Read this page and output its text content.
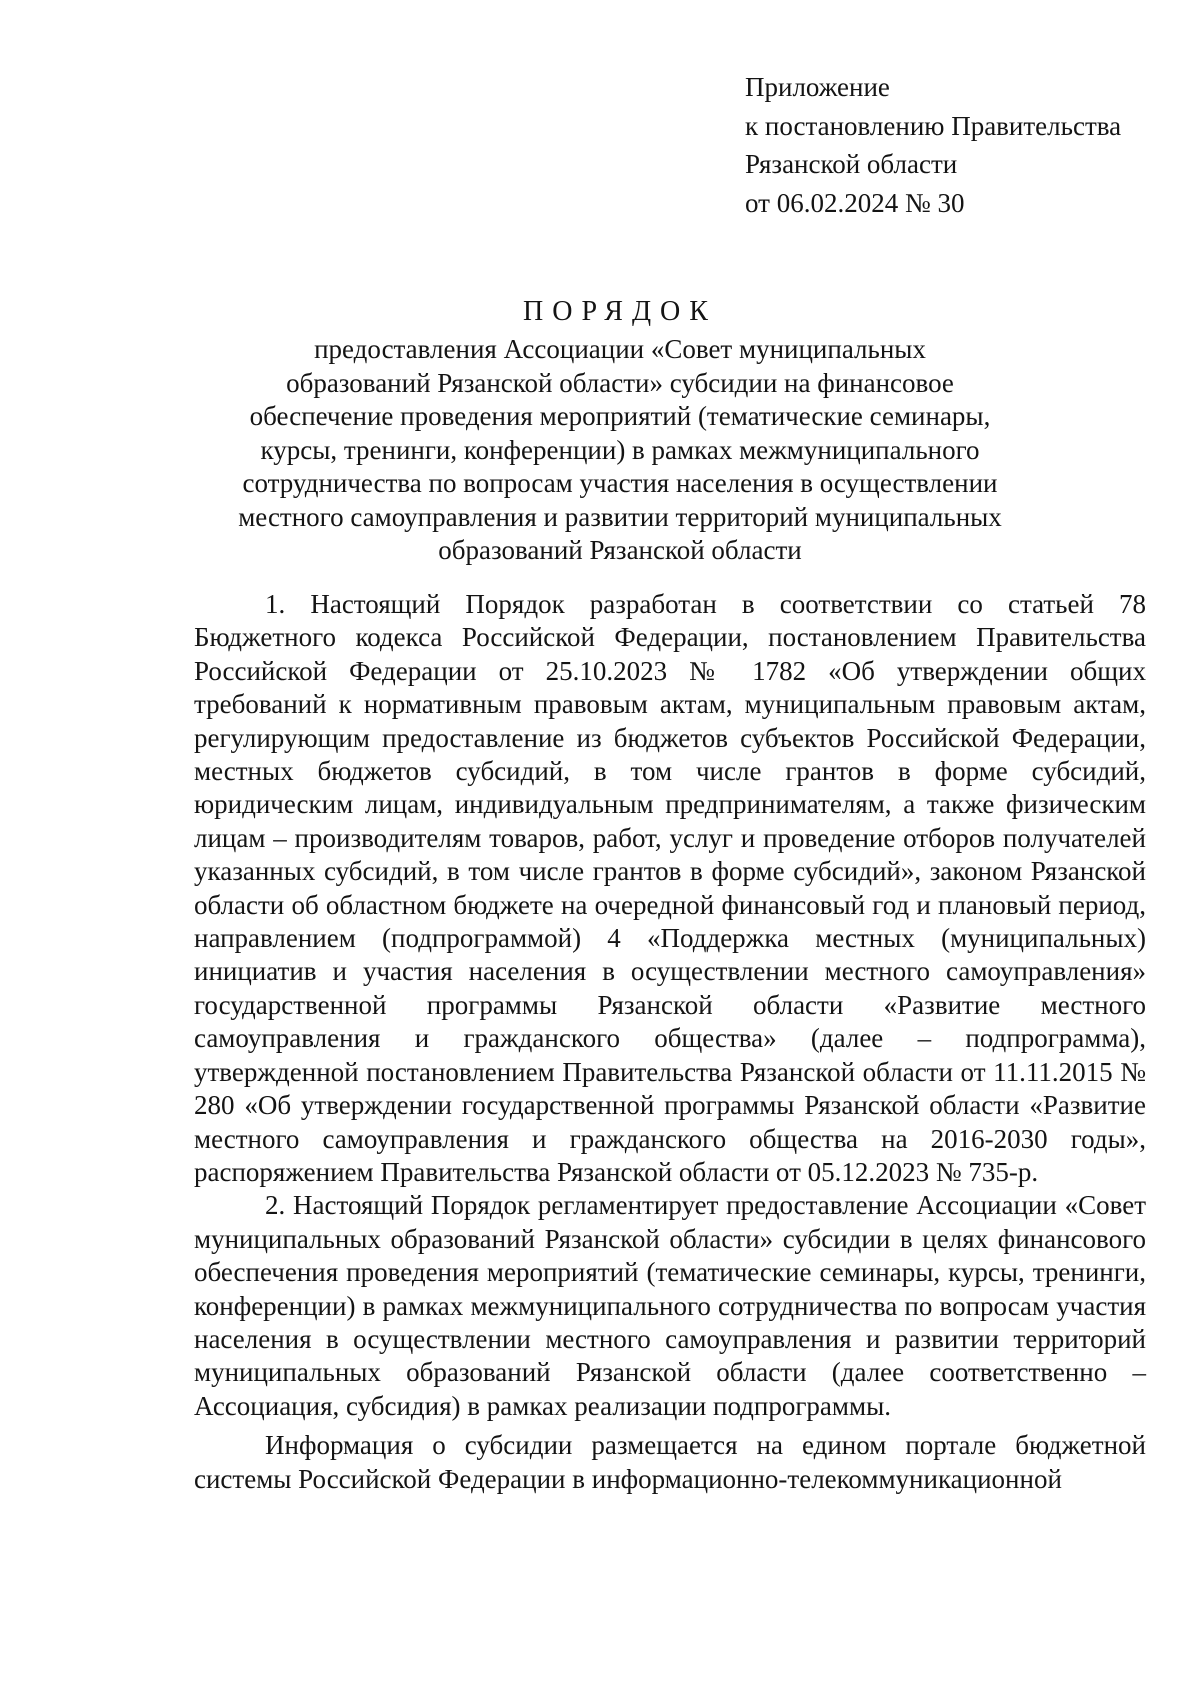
Приложение
к постановлению Правительства
Рязанской области
от 06.02.2024 № 30
ПОРЯДОК
предоставления Ассоциации «Совет муниципальных
образований Рязанской области» субсидии на финансовое
обеспечение проведения мероприятий (тематические семинары,
курсы, тренинги, конференции) в рамках межмуниципального
сотрудничества по вопросам участия населения в осуществлении
местного самоуправления и развитии территорий муниципальных
образований Рязанской области

1. Настоящий Порядок разработан в соответствии со статьей 78 Бюджетного кодекса Российской Федерации, постановлением Правительства Российской Федерации от 25.10.2023 № 1782 «Об утверждении общих требований к нормативным правовым актам, муниципальным правовым актам, регулирующим предоставление из бюджетов субъектов Российской Федерации, местных бюджетов субсидий, в том числе грантов в форме субсидий, юридическим лицам, индивидуальным предпринимателям, а также физическим лицам – производителям товаров, работ, услуг и проведение отборов получателей указанных субсидий, в том числе грантов в форме субсидий», законом Рязанской области об областном бюджете на очередной финансовый год и плановый период, направлением (подпрограммой) 4 «Поддержка местных (муниципальных) инициатив и участия населения в осуществлении местного самоуправления» государственной программы Рязанской области «Развитие местного самоуправления и гражданского общества» (далее – подпрограмма), утвержденной постановлением Правительства Рязанской области от 11.11.2015 № 280 «Об утверждении государственной программы Рязанской области «Развитие местного самоуправления и гражданского общества на 2016-2030 годы», распоряжением Правительства Рязанской области от 05.12.2023 № 735-р.

2. Настоящий Порядок регламентирует предоставление Ассоциации «Совет муниципальных образований Рязанской области» субсидии в целях финансового обеспечения проведения мероприятий (тематические семинары, курсы, тренинги, конференции) в рамках межмуниципального сотрудничества по вопросам участия населения в осуществлении местного самоуправления и развитии территорий муниципальных образований Рязанской области (далее соответственно – Ассоциация, субсидия) в рамках реализации подпрограммы.

Информация о субсидии размещается на едином портале бюджетной системы Российской Федерации в информационно-телекоммуникационной
